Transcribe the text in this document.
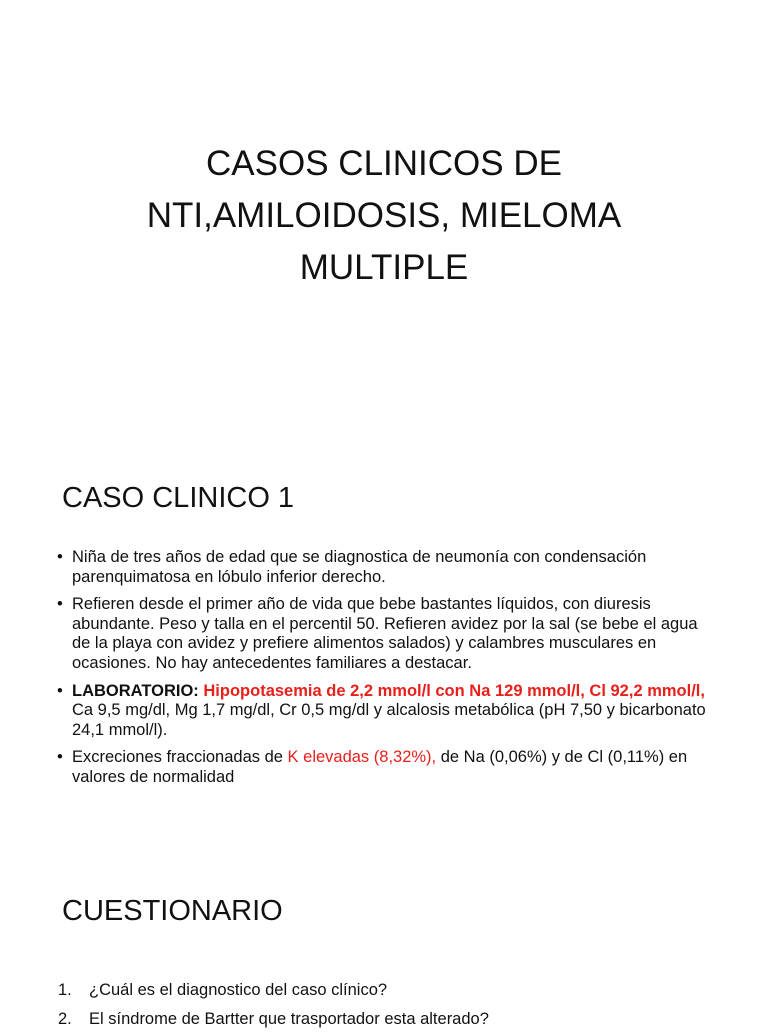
CASOS CLINICOS DE
NTI,AMILOIDOSIS, MIELOMA
MULTIPLE
CASO CLINICO 1
• Niña de tres años de edad que se diagnostica de neumonía con condensación parenquimatosa en lóbulo inferior derecho.
• Refieren desde el primer año de vida que bebe bastantes líquidos, con diuresis abundante. Peso y talla en el percentil 50. Refieren avidez por la sal (se bebe el agua de la playa con avidez y prefiere alimentos salados) y calambres musculares en ocasiones. No hay antecedentes familiares a destacar.
• LABORATORIO: Hipopotasemia de 2,2 mmol/l con Na 129 mmol/l, Cl 92,2 mmol/l, Ca 9,5 mg/dl, Mg 1,7 mg/dl, Cr 0,5 mg/dl y alcalosis metabólica (pH 7,50 y bicarbonato 24,1 mmol/l).
• Excreciones fraccionadas de K elevadas (8,32%), de Na (0,06%) y de Cl (0,11%) en valores de normalidad
CUESTIONARIO
1. ¿Cuál es el diagnostico del caso clínico?
2. El síndrome de Bartter que trasportador esta alterado?
